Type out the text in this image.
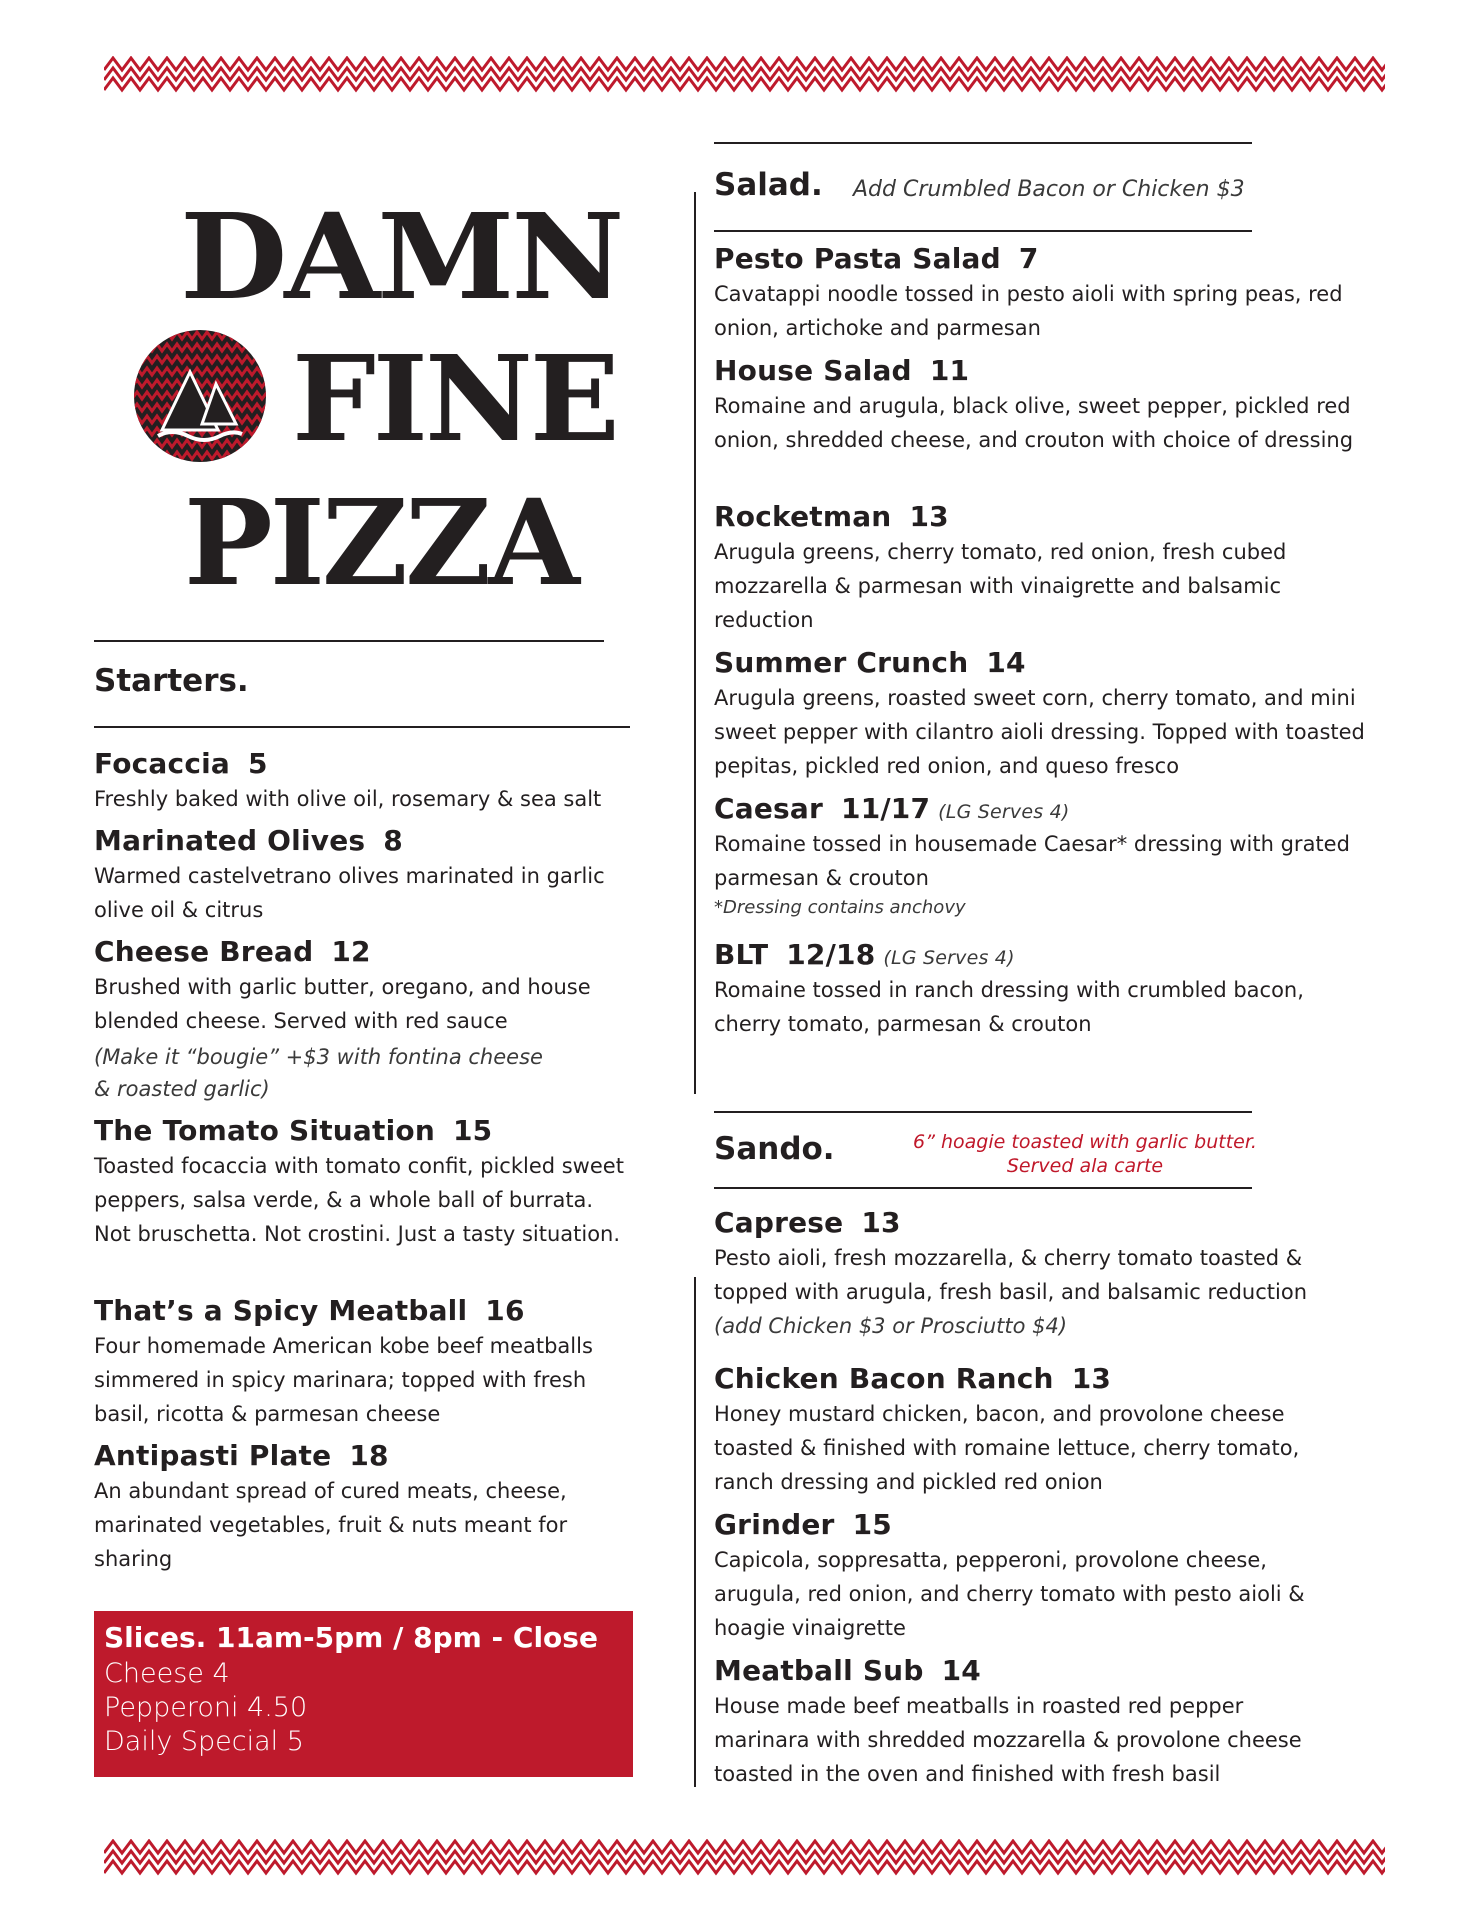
DAMN
FINE
PIZZA
Starters.
Focaccia 5
Freshly baked with olive oil, rosemary & sea salt
Marinated Olives 8
Warmed castelvetrano olives marinated in garlic olive oil & citrus
Cheese Bread 12
Brushed with garlic butter, oregano, and house blended cheese. Served with red sauce
(Make it “bougie” +$3 with fontina cheese
& roasted garlic)
The Tomato Situation 15
Toasted focaccia with tomato confit, pickled sweet peppers, salsa verde, & a whole ball of burrata. Not bruschetta. Not crostini. Just a tasty situation.
That’s a Spicy Meatball 16
Four homemade American kobe beef meatballs simmered in spicy marinara; topped with fresh basil, ricotta & parmesan cheese
Antipasti Plate 18
An abundant spread of cured meats, cheese, marinated vegetables, fruit & nuts meant for sharing
Slices. 11am-5pm / 8pm - Close
Cheese 4
Pepperoni 4.50
Daily Special 5
Salad. Add Crumbled Bacon or Chicken $3
Pesto Pasta Salad 7
Cavatappi noodle tossed in pesto aioli with spring peas, red onion, artichoke and parmesan
House Salad 11
Romaine and arugula, black olive, sweet pepper, pickled red onion, shredded cheese, and crouton with choice of dressing
Rocketman 13
Arugula greens, cherry tomato, red onion, fresh cubed mozzarella & parmesan with vinaigrette and balsamic reduction
Summer Crunch 14
Arugula greens, roasted sweet corn, cherry tomato, and mini sweet pepper with cilantro aioli dressing. Topped with toasted pepitas, pickled red onion, and queso fresco
Caesar 11/17 (LG Serves 4)
Romaine tossed in housemade Caesar* dressing with grated parmesan & crouton
*Dressing contains anchovy
BLT 12/18 (LG Serves 4)
Romaine tossed in ranch dressing with crumbled bacon, cherry tomato, parmesan & crouton
Sando.	6” hoagie toasted with garlic butter.
Served ala carte
Caprese 13
Pesto aioli, fresh mozzarella, & cherry tomato toasted & topped with arugula, fresh basil, and balsamic reduction (add Chicken $3 or Prosciutto $4)
Chicken Bacon Ranch 13
Honey mustard chicken, bacon, and provolone cheese toasted & finished with romaine lettuce, cherry tomato, ranch dressing and pickled red onion
Grinder 15
Capicola, soppresatta, pepperoni, provolone cheese, arugula, red onion, and cherry tomato with pesto aioli & hoagie vinaigrette
Meatball Sub 14
House made beef meatballs in roasted red pepper marinara with shredded mozzarella & provolone cheese toasted in the oven and finished with fresh basil
